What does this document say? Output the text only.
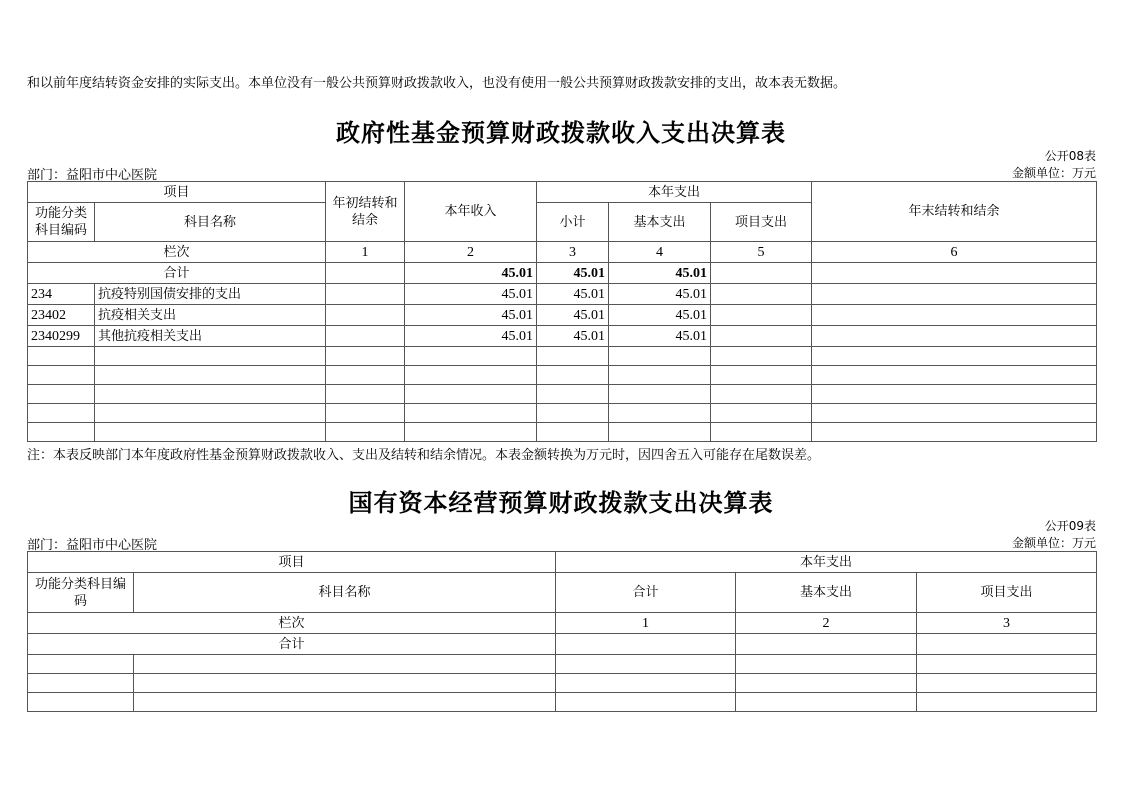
和以前年度结转资金安排的实际支出。本单位没有一般公共预算财政拨款收入，也没有使用一般公共预算财政拨款安排的支出，故本表无数据。
政府性基金预算财政拨款收入支出决算表
公开08表
金额单位：万元
部门：益阳市中心医院
项目		年初结转和结余	本年收入	本年支出			年末结转和结余
功能分类科目编码	科目名称			小计	基本支出	项目支出	
栏次		1	2	3	4	5	6
合计			45.01	45.01	45.01		
234	抗疫特别国债安排的支出		45.01	45.01	45.01		
23402	抗疫相关支出		45.01	45.01	45.01		
2340299	其他抗疫相关支出		45.01	45.01	45.01		

注：本表反映部门本年度政府性基金预算财政拨款收入、支出及结转和结余情况。本表金额转换为万元时，因四舍五入可能存在尾数误差。
国有资本经营预算财政拨款支出决算表
公开09表
金额单位：万元
部门：益阳市中心医院
项目		本年支出		
功能分类科目编码	科目名称	合计	基本支出	项目支出
栏次		1	2	3
合计				
